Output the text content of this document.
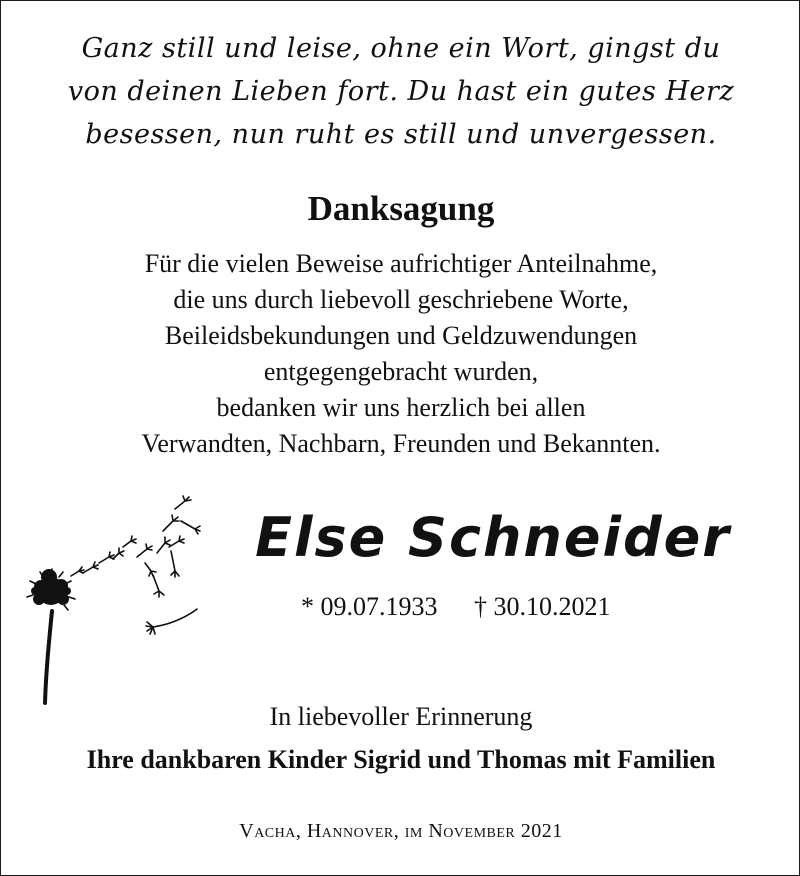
Ganz still und leise, ohne ein Wort, gingst du
von deinen Lieben fort. Du hast ein gutes Herz
besessen, nun ruht es still und unvergessen.
Danksagung
Für die vielen Beweise aufrichtiger Anteilnahme,
die uns durch liebevoll geschriebene Worte,
Beileidsbekundungen und Geldzuwendungen
entgegengebracht wurden,
bedanken wir uns herzlich bei allen
Verwandten, Nachbarn, Freunden und Bekannten.
Else Schneider
* 09.07.1933 † 30.10.2021
In liebevoller Erinnerung
Ihre dankbaren Kinder Sigrid und Thomas mit Familien
Vacha, Hannover, im November 2021
